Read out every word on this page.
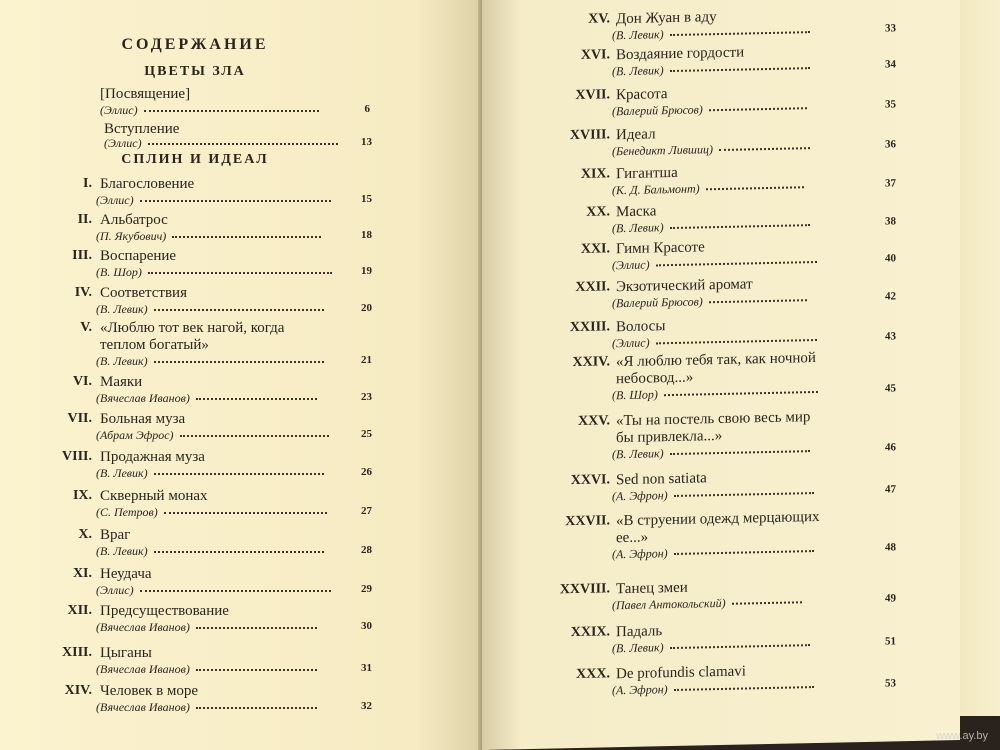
СОДЕРЖАНИЕ
ЦВЕТЫ ЗЛА
[Посвящение]
(Эллис)	6
Вступление
(Эллис)	13
СПЛИН И ИДЕАЛ
I. Благословение
(Эллис)	15
II. Альбатрос
(П. Якубович)	18
III. Воспарение
(В. Шор)	19
IV. Соответствия
(В. Левик)	20
V. «Люблю тот век нагой, когда
теплом богатый»
(В. Левик)	21
VI. Маяки
(Вячеслав Иванов)	23
VII. Больная муза
(Абрам Эфрос)	25
VIII. Продажная муза
(В. Левик)	26
IX. Скверный монах
(С. Петров)	27
X. Враг
(В. Левик)	28
XI. Неудача
(Эллис)	29
XII. Предсуществование
(Вячеслав Иванов)	30
XIII. Цыганы
(Вячеслав Иванов)	31
XIV. Человек в море
(Вячеслав Иванов)	32
XV. Дон Жуан в аду
(В. Левик)	33
XVI. Воздаяние гордости
(В. Левик)	34
XVII. Красота
(Валерий Брюсов)	35
XVIII. Идеал
(Бенедикт Лившиц)	36
XIX. Гигантша
(К. Д. Бальмонт)	37
XX. Маска
(В. Левик)	38
XXI. Гимн Красоте
(Эллис)	40
XXII. Экзотический аромат
(Валерий Брюсов)	42
XXIII. Волосы
(Эллис)	43
XXIV. «Я люблю тебя так, как ночной
небосвод...»
(В. Шор)	45
XXV. «Ты на постель свою весь мир
бы привлекла...»
(В. Левик)	46
XXVI. Sed non satiata
(А. Эфрон)	47
XXVII. «В струении одежд мерцающих
ее...»
(А. Эфрон)	48
XXVIII. Танец змеи
(Павел Антокольский)	49
XXIX. Падаль
(В. Левик)	51
XXX. De profundis clamavi
(А. Эфрон)	53
www.ay.by
